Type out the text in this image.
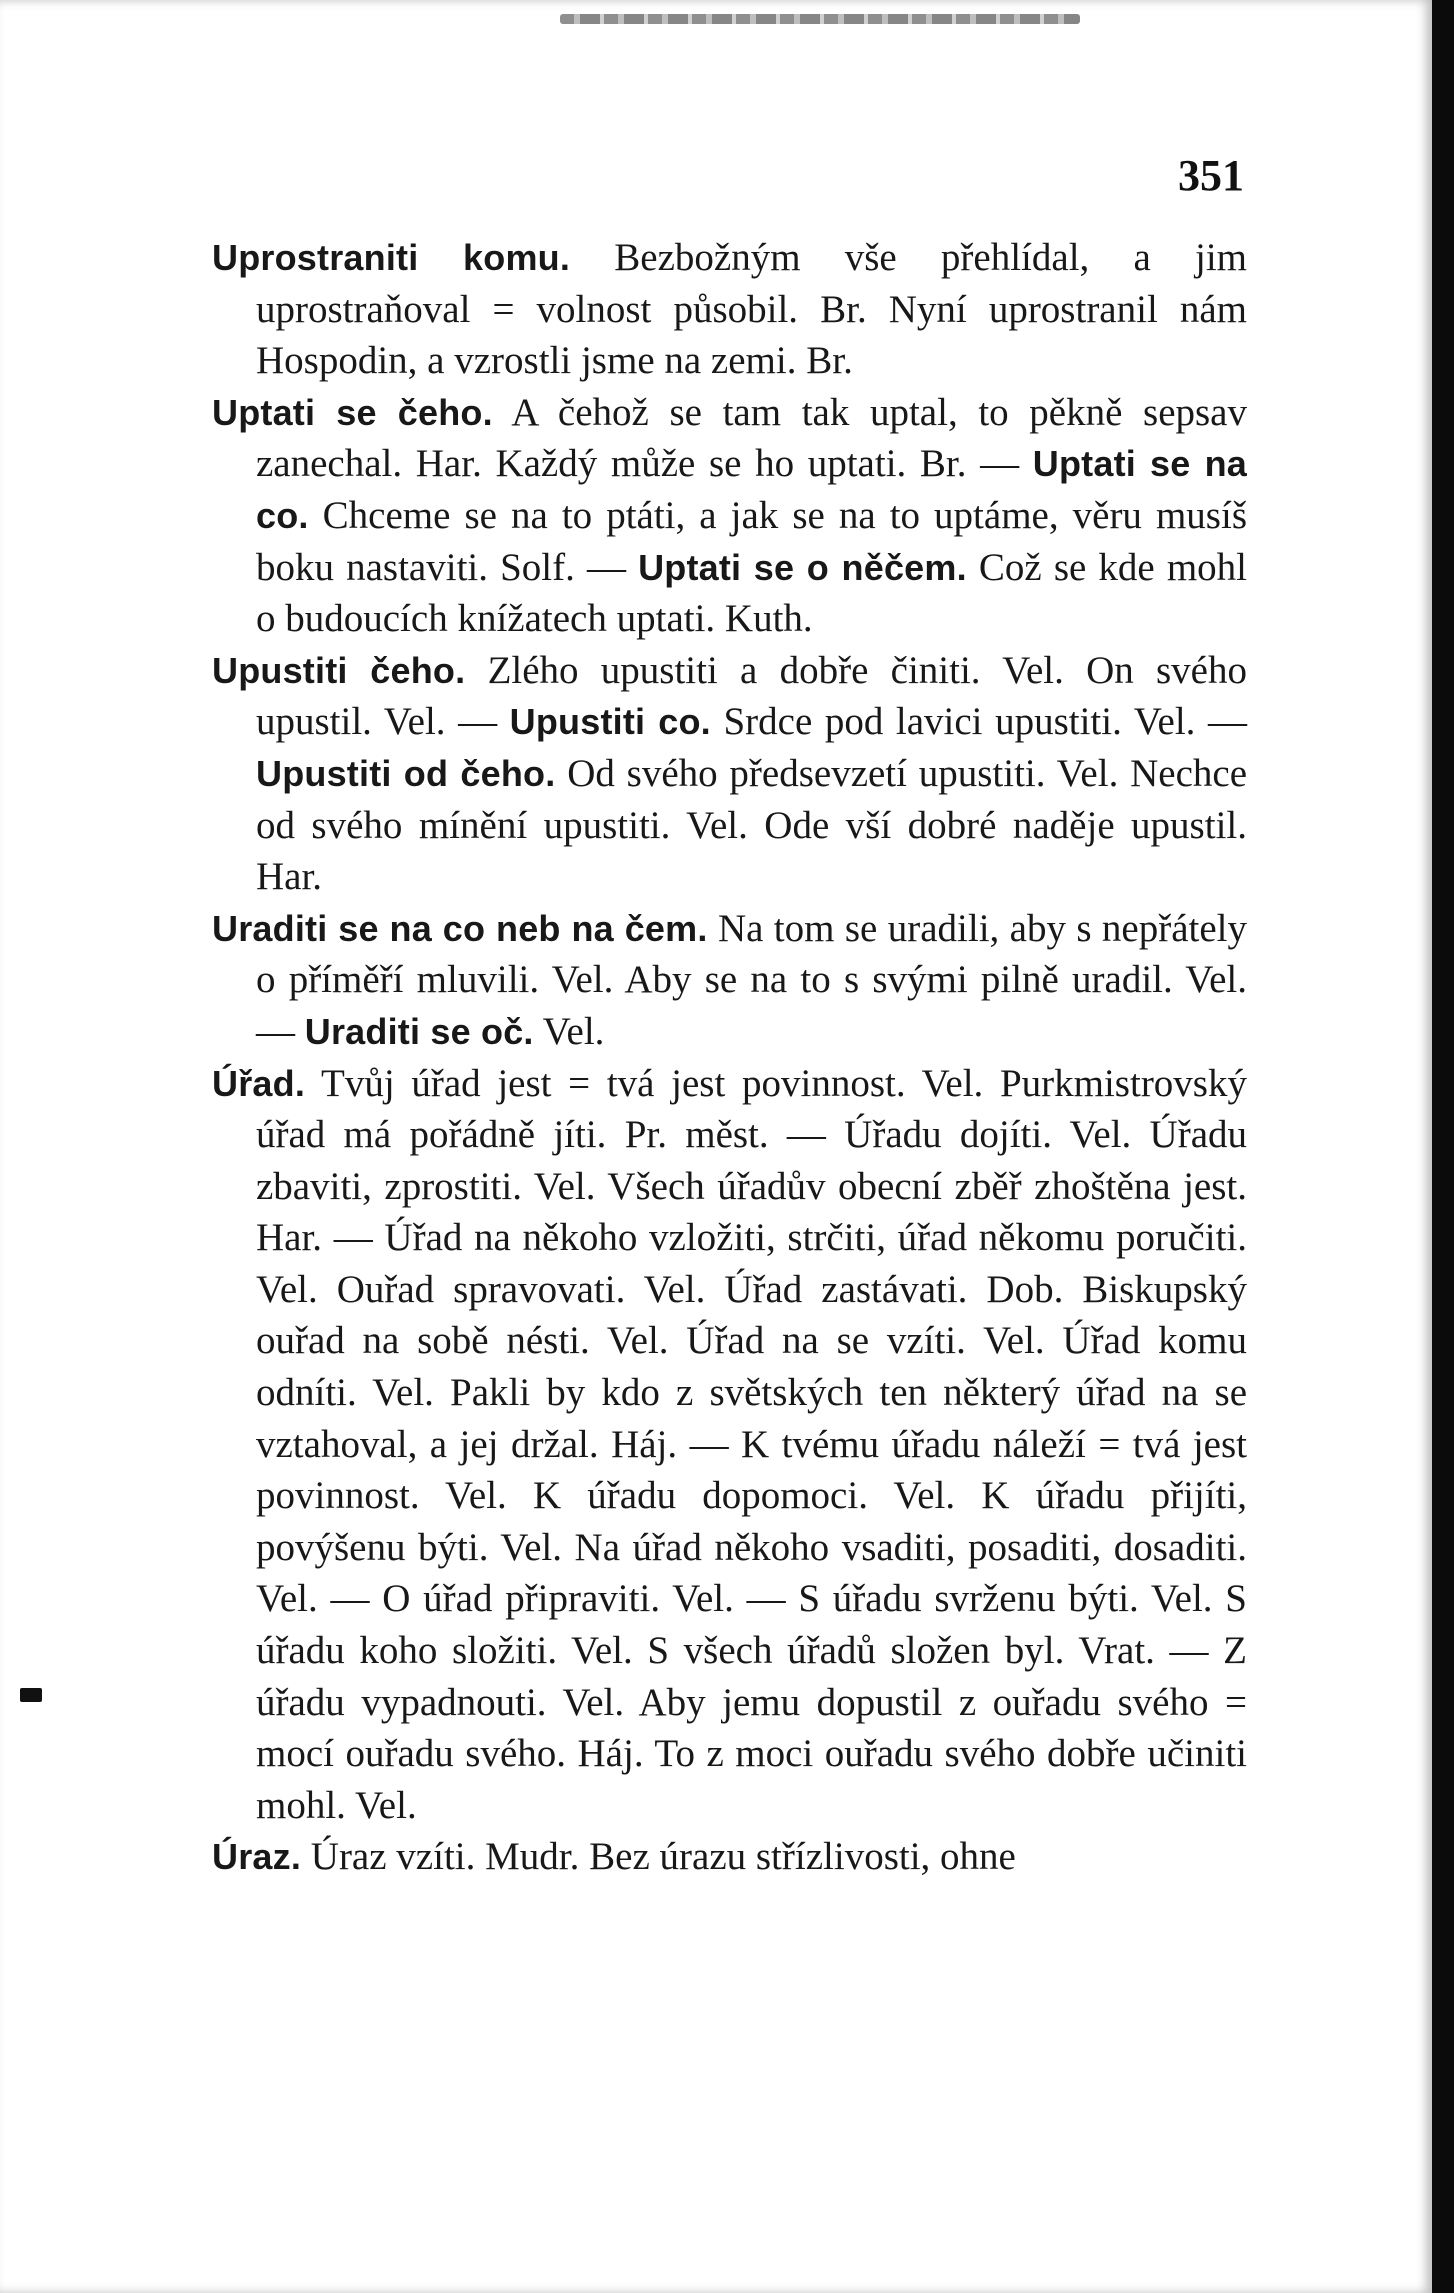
351

Uprostraniti komu. Bezbožným vše přehlídal, a jim uprostraňoval = volnost působil. Br. Nyní uprostranil nám Hospodin, a vzrostli jsme na zemi. Br.

Uptati se čeho. A čehož se tam tak uptal, to pěkně sepsav zanechal. Har. Každý může se ho uptati. Br. — Uptati se na co. Chceme se na to ptáti, a jak se na to uptáme, věru musíš boku nastaviti. Solf. — Uptati se o něčem. Což se kde mohl o budoucích knížatech uptati. Kuth.

Upustiti čeho. Zlého upustiti a dobře činiti. Vel. On svého upustil. Vel. — Upustiti co. Srdce pod lavici upustiti. Vel. — Upustiti od čeho. Od svého předsevzetí upustiti. Vel. Nechce od svého mínění upustiti. Vel. Ode vší dobré naděje upustil. Har.

Uraditi se na co neb na čem. Na tom se uradili, aby s nepřátely o příměří mluvili. Vel. Aby se na to s svými pilně uradil. Vel. — Uraditi se oč. Vel.

Úřad. Tvůj úřad jest = tvá jest povinnost. Vel. Purkmistrovský úřad má pořádně jíti. Pr. měst. — Úřadu dojíti. Vel. Úřadu zbaviti, zprostiti. Vel. Všech úřadův obecní zběř zhoštěna jest. Har. — Úřad na někoho vzložiti, strčiti, úřad někomu poručiti. Vel. Ouřad spravovati. Vel. Úřad zastávati. Dob. Biskupský ouřad na sobě nésti. Vel. Úřad na se vzíti. Vel. Úřad komu odníti. Vel. Pakli by kdo z světských ten některý úřad na se vztahoval, a jej držal. Háj. — K tvému úřadu náleží = tvá jest povinnost. Vel. K úřadu dopomoci. Vel. K úřadu přijíti, povýšenu býti. Vel. Na úřad někoho vsaditi, posaditi, dosaditi. Vel. — O úřad připraviti. Vel. — S úřadu svrženu býti. Vel. S úřadu koho složiti. Vel. S všech úřadů složen byl. Vrat. — Z úřadu vypadnouti. Vel. Aby jemu dopustil z ouřadu svého = mocí ouřadu svého. Háj. To z moci ouřadu svého dobře učiniti mohl. Vel.

Úraz. Úraz vzíti. Mudr. Bez úrazu střízlivosti, ohne
